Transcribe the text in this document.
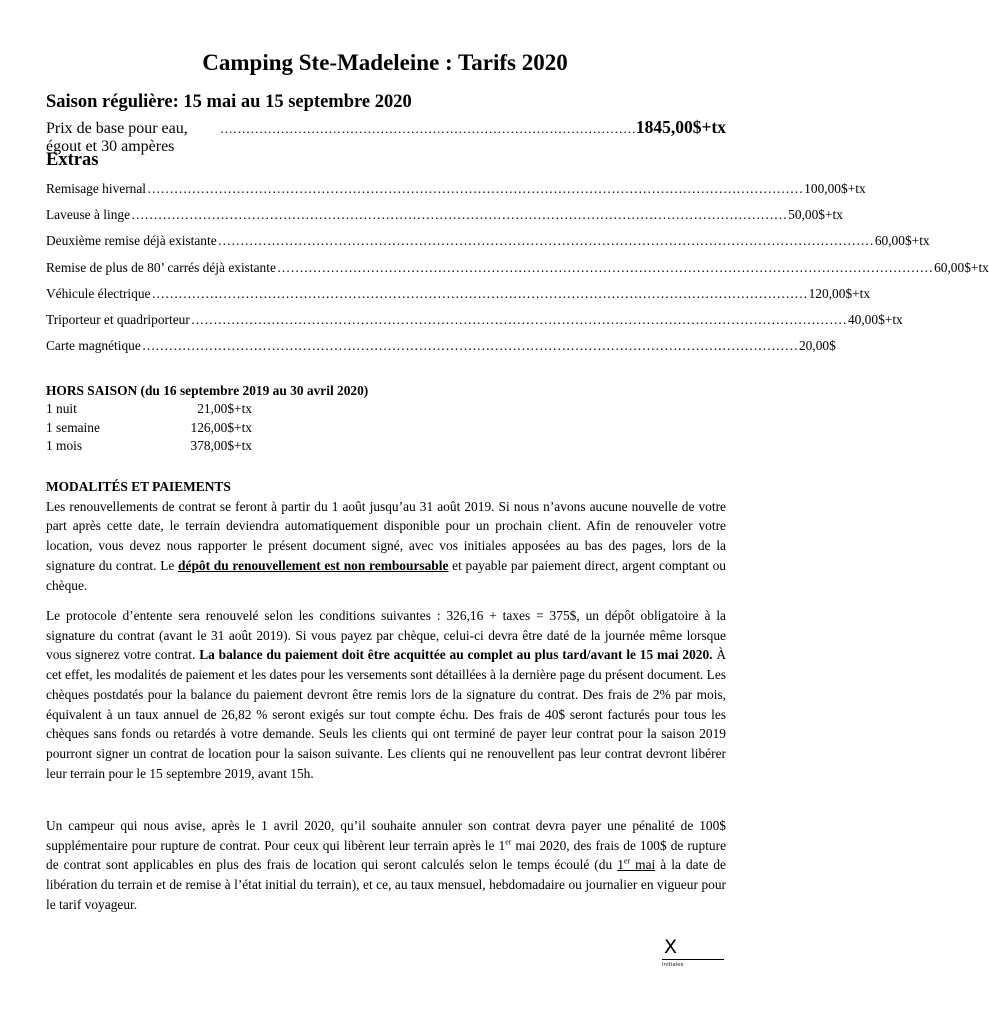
Camping Ste-Madeleine : Tarifs 2020
Saison régulière: 15 mai au 15 septembre 2020
Prix de base pour eau, égout et 30 ampères
…………………………………………………………………………………… 1845,00$+tx
Extras
Remisage hivernal ………………………………………………………………………………………………………………………………… 100,00$+tx
Laveuse à linge ………………………………………………………………………………………………………………………………… 50,00$+tx
Deuxième remise déjà existante ………………………………………………………………………………………………………………………………… 60,00$+tx
Remise de plus de 80’ carrés déjà existante ………………………………………………………………………………………………………………………………… 60,00$+tx
Véhicule électrique ………………………………………………………………………………………………………………………………… 120,00$+tx
Triporteur et quadriporteur ………………………………………………………………………………………………………………………………… 40,00$+tx
Carte magnétique ………………………………………………………………………………………………………………………………… 20,00$
HORS SAISON (du 16 septembre 2019 au 30 avril 2020)
1 nuit	21,00$+tx
1 semaine	126,00$+tx
1 mois	378,00$+tx
MODALITÉS ET PAIEMENTS

Les renouvellements de contrat se feront à partir du 1 août jusqu’au 31 août 2019. Si nous n’avons aucune nouvelle de votre part après cette date, le terrain deviendra automatiquement disponible pour un prochain client. Afin de renouveler votre location, vous devez nous rapporter le présent document signé, avec vos initiales apposées au bas des pages, lors de la signature du contrat. Le dépôt du renouvellement est non remboursable et payable par paiement direct, argent comptant ou chèque.

Le protocole d’entente sera renouvelé selon les conditions suivantes : 326,16 + taxes = 375$, un dépôt obligatoire à la signature du contrat (avant le 31 août 2019). Si vous payez par chèque, celui-ci devra être daté de la journée même lorsque vous signerez votre contrat. La balance du paiement doit être acquittée au complet au plus tard/avant le 15 mai 2020. À cet effet, les modalités de paiement et les dates pour les versements sont détaillées à la dernière page du présent document. Les chèques postdatés pour la balance du paiement devront être remis lors de la signature du contrat. Des frais de 2% par mois, équivalent à un taux annuel de 26,82 % seront exigés sur tout compte échu. Des frais de 40$ seront facturés pour tous les chèques sans fonds ou retardés à votre demande. Seuls les clients qui ont terminé de payer leur contrat pour la saison 2019 pourront signer un contrat de location pour la saison suivante. Les clients qui ne renouvellent pas leur contrat devront libérer leur terrain pour le 15 septembre 2019, avant 15h.

Un campeur qui nous avise, après le 1 avril 2020, qu’il souhaite annuler son contrat devra payer une pénalité de 100$ supplémentaire pour rupture de contrat. Pour ceux qui libèrent leur terrain après le 1er mai 2020, des frais de 100$ de rupture de contrat sont applicables en plus des frais de location qui seront calculés selon le temps écoulé (du 1er mai à la date de libération du terrain et de remise à l’état initial du terrain), et ce, au taux mensuel, hebdomadaire ou journalier en vigueur pour le tarif voyageur.

X
Initiales
